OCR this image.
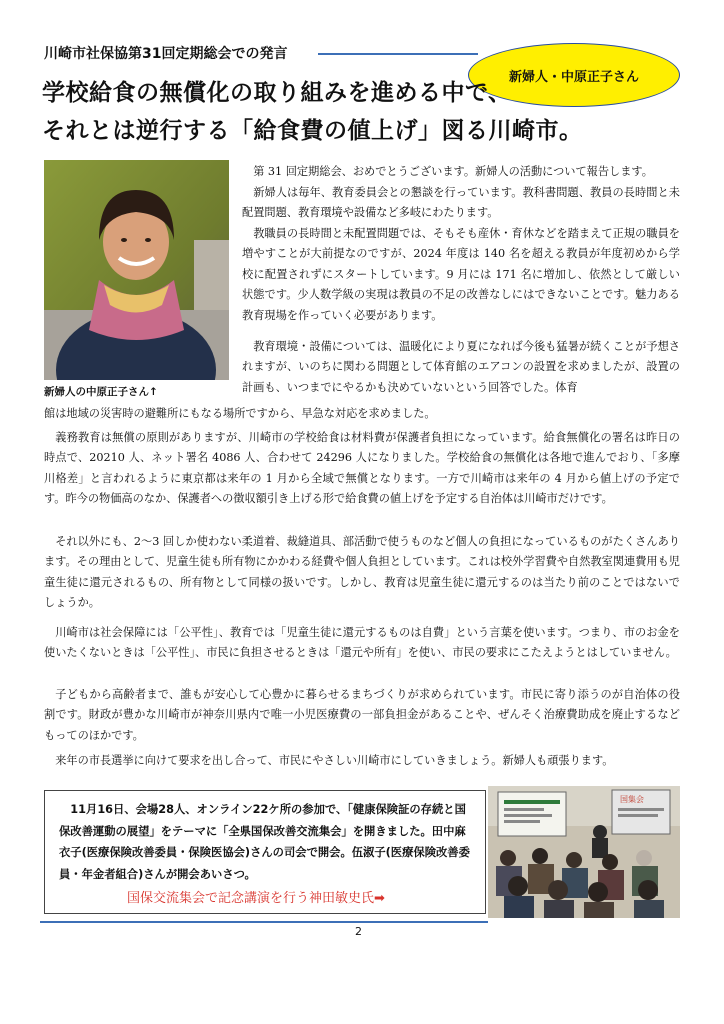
川崎市社保協第31回定期総会での発言
新婦人・中原正子さん
学校給食の無償化の取り組みを進める中で、
それとは逆行する「給食費の値上げ」図る川崎市。
新婦人の中原正子さん↑

第 31 回定期総会、おめでとうございます。新婦人の活動について報告します。

新婦人は毎年、教育委員会との懇談を行っています。教科書問題、教員の長時間と未配置問題、教育環境や設備など多岐にわたります。

教職員の長時間と未配置問題では、そもそも産休・育休などを踏まえて正規の職員を増やすことが大前提なのですが、2024 年度は 140 名を超える教員が年度初めから学校に配置されずにスタートしています。9 月には 171 名に増加し、依然として厳しい状態です。少人数学級の実現は教員の不足の改善なしにはできないことです。魅力ある教育現場を作っていく必要があります。

教育環境・設備については、温暖化により夏になれば今後も猛暑が続くことが予想されますが、いのちに関わる問題として体育館のエアコンの設置を求めましたが、設置の計画も、いつまでにやるかも決めていないという回答でした。体育

館は地域の災害時の避難所にもなる場所ですから、早急な対応を求めました。

義務教育は無償の原則がありますが、川崎市の学校給食は材料費が保護者負担になっています。給食無償化の署名は昨日の時点で、20210 人、ネット署名 4086 人、合わせて 24296 人になりました。学校給食の無償化は各地で進んでおり、「多摩川格差」と言われるように東京都は来年の 1 月から全域で無償となります。一方で川崎市は来年の 4 月から値上げの予定です。昨今の物価高のなか、保護者への徴収額引き上げる形で給食費の値上げを予定する自治体は川崎市だけです。

それ以外にも、2～3 回しか使わない柔道着、裁縫道具、部活動で使うものなど個人の負担になっているものがたくさんあります。その理由として、児童生徒も所有物にかかわる経費や個人負担としています。これは校外学習費や自然教室関連費用も児童生徒に還元されるもの、所有物として同様の扱いです。しかし、教育は児童生徒に還元するのは当たり前のことではないでしょうか。

川崎市は社会保障には「公平性」、教育では「児童生徒に還元するものは自費」という言葉を使います。つまり、市のお金を使いたくないときは「公平性」、市民に負担させるときは「還元や所有」を使い、市民の要求にこたえようとはしていません。

子どもから高齢者まで、誰もが安心して心豊かに暮らせるまちづくりが求められています。市民に寄り添うのが自治体の役割です。財政が豊かな川崎市が神奈川県内で唯一小児医療費の一部負担金があることや、ぜんそく治療費助成を廃止するなどもってのほかです。

来年の市長選挙に向けて要求を出し合って、市民にやさしい川崎市にしていきましょう。新婦人も頑張ります。

11月16日、会場28人、オンライン22ケ所の参加で、「健康保険証の存続と国保改善運動の展望」をテーマに「全県国保改善交流集会」を開きました。田中麻衣子(医療保険改善委員・保険医協会)さんの司会で開会。伍淑子(医療保険改善委員・年金者組合)さんが開会あいさつ。

国保交流集会で記念講演を行う神田敏史氏➡
国集会
2
